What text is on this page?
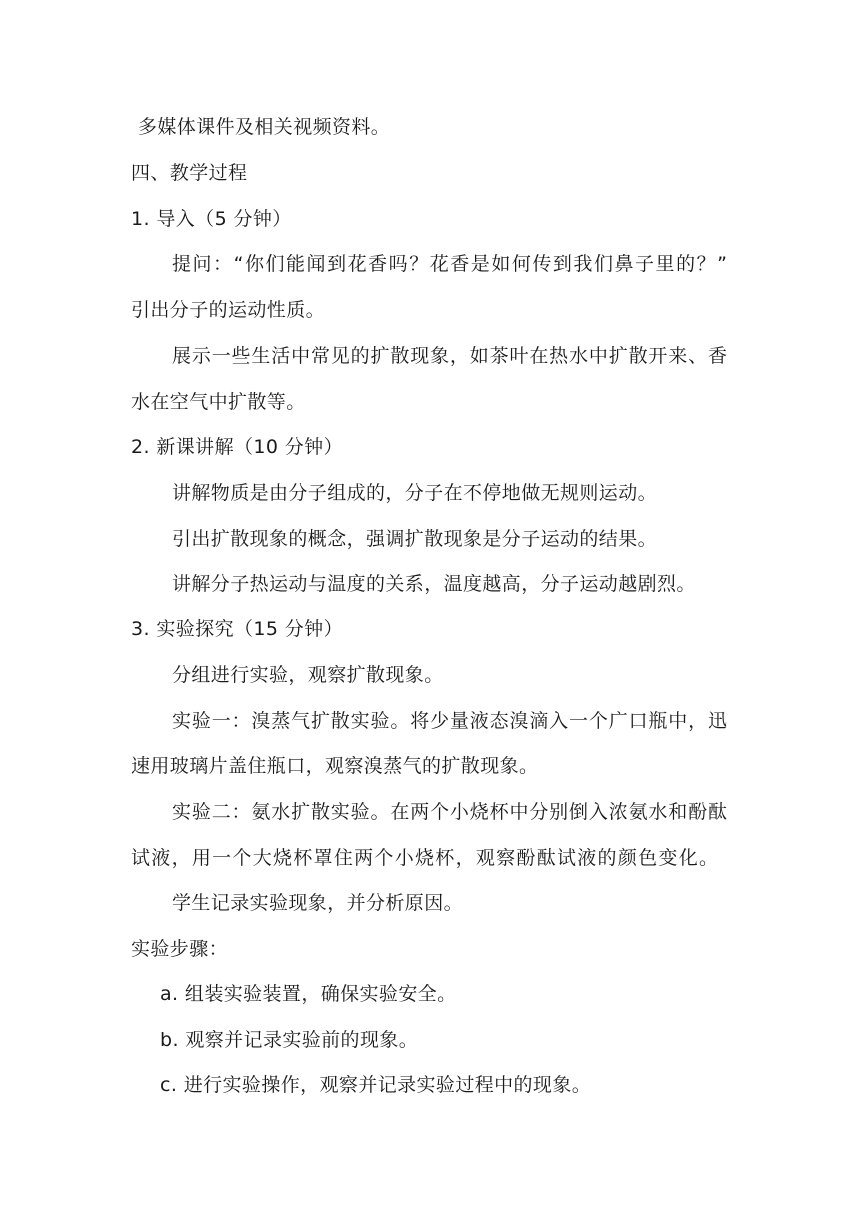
多媒体课件及相关视频资料。
四、教学过程
1. 导入（5 分钟）
提问：“你们能闻到花香吗？花香是如何传到我们鼻子里的？”
引出分子的运动性质。
展示一些生活中常见的扩散现象，如茶叶在热水中扩散开来、香
水在空气中扩散等。
2. 新课讲解（10 分钟）
讲解物质是由分子组成的，分子在不停地做无规则运动。
引出扩散现象的概念，强调扩散现象是分子运动的结果。
讲解分子热运动与温度的关系，温度越高，分子运动越剧烈。
3. 实验探究（15 分钟）
分组进行实验，观察扩散现象。
实验一：溴蒸气扩散实验。将少量液态溴滴入一个广口瓶中，迅
速用玻璃片盖住瓶口，观察溴蒸气的扩散现象。
实验二：氨水扩散实验。在两个小烧杯中分别倒入浓氨水和酚酞
试液，用一个大烧杯罩住两个小烧杯，观察酚酞试液的颜色变化。
学生记录实验现象，并分析原因。
实验步骤：
a. 组装实验装置，确保实验安全。
b. 观察并记录实验前的现象。
c. 进行实验操作，观察并记录实验过程中的现象。
